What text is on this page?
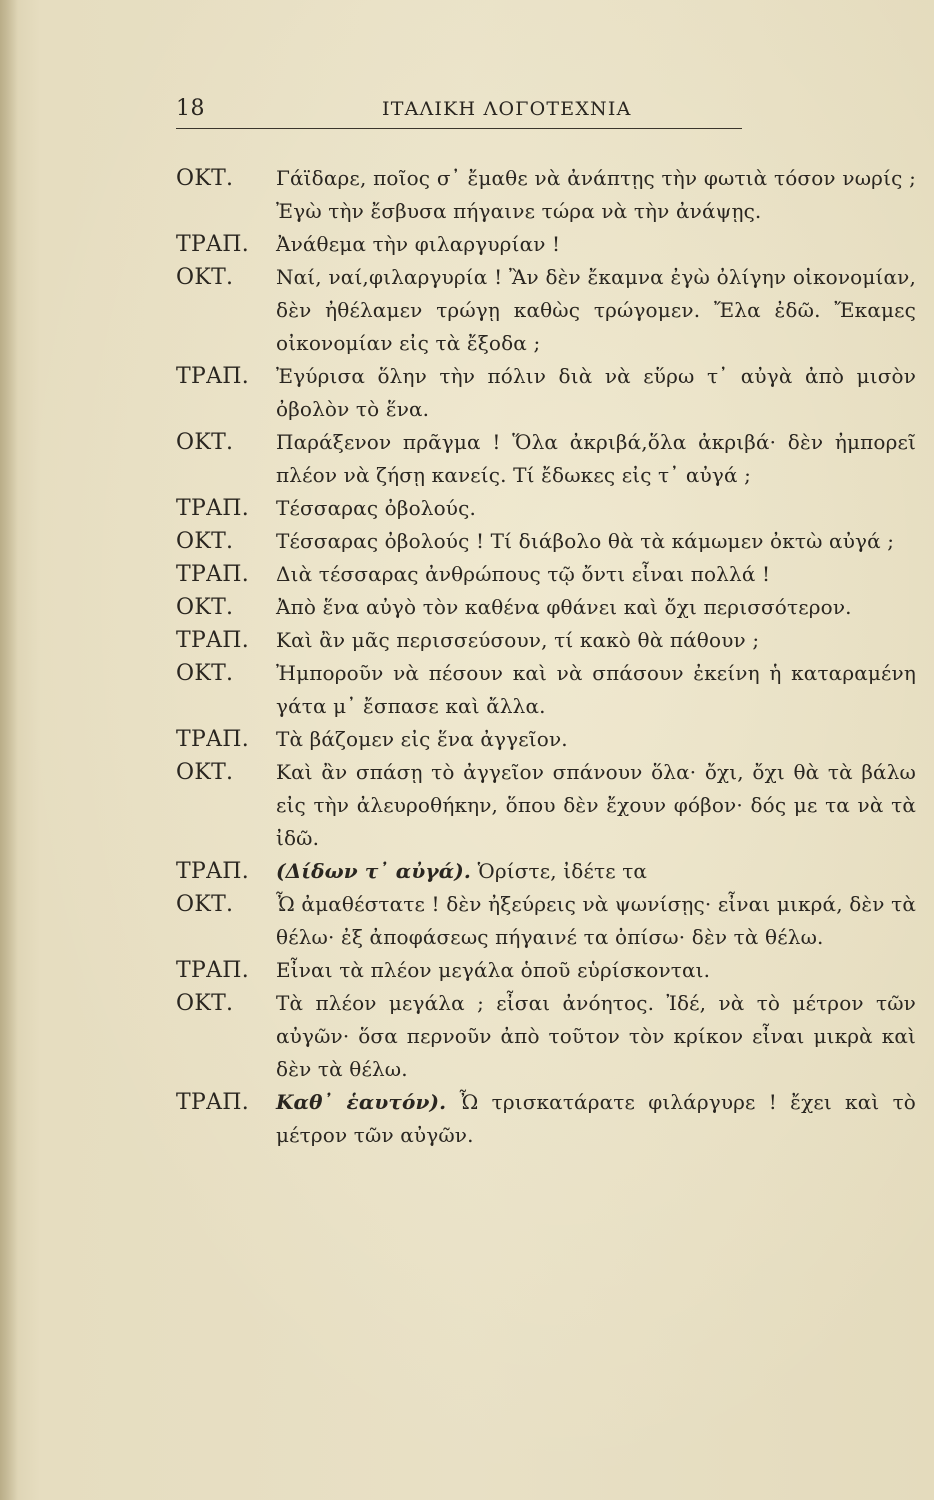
18	ΙΤΑΛΙΚΗ ΛΟΓΟΤΕΧΝΙΑ
ΟΚΤ.	Γάϊδαρε, ποῖος σ᾽ ἔμαθε νὰ ἀνάπτῃς τὴν φωτιὰ τόσον νωρίς ; Ἐγὼ τὴν ἔσβυσα πήγαινε τώρα νὰ τὴν ἀνάψῃς.
ΤΡΑΠ.	Ἀνάθεμα τὴν φιλαργυρίαν !
ΟΚΤ.	Ναί, ναί,φιλαργυρία ! Ἂν δὲν ἔκαμνα ἐγὼ ὀλίγην οἰκονομίαν, δὲν ἠθέλαμεν τρώγῃ καθὼς τρώγομεν. Ἔλα ἐδῶ. Ἔκαμες οἰκονομίαν εἰς τὰ ἔξοδα ;
ΤΡΑΠ.	Ἐγύρισα ὅλην τὴν πόλιν διὰ νὰ εὕρω τ᾽ αὐγὰ ἀπὸ μισὸν ὀβολὸν τὸ ἕνα.
ΟΚΤ.	Παράξενον πρᾶγμα ! Ὅλα ἀκριβά,ὅλα ἀκριβά· δὲν ἠμπορεῖ πλέον νὰ ζήσῃ κανείς. Τί ἔδωκες εἰς τ᾽ αὐγά ;
ΤΡΑΠ.	Τέσσαρας ὀβολούς.
ΟΚΤ.	Τέσσαρας ὀβολούς ! Τί διάβολο θὰ τὰ κάμωμεν ὀκτὼ αὐγά ;
ΤΡΑΠ.	Διὰ τέσσαρας ἀνθρώπους τῷ ὄντι εἶναι πολλά !
ΟΚΤ.	Ἀπὸ ἕνα αὐγὸ τὸν καθένα φθάνει καὶ ὄχι περισσότερον.
ΤΡΑΠ.	Καὶ ἂν μᾶς περισσεύσουν, τί κακὸ θὰ πάθουν ;
ΟΚΤ.	Ἠμποροῦν νὰ πέσουν καὶ νὰ σπάσουν ἐκείνη ἡ καταραμένη γάτα μ᾽ ἔσπασε καὶ ἄλλα.
ΤΡΑΠ.	Τὰ βάζομεν εἰς ἕνα ἀγγεῖον.
ΟΚΤ.	Καὶ ἂν σπάσῃ τὸ ἀγγεῖον σπάνουν ὅλα· ὄχι, ὄχι θὰ τὰ βάλω εἰς τὴν ἀλευροθήκην, ὅπου δὲν ἔχουν φόβον· δός με τα νὰ τὰ ἰδῶ.
ΤΡΑΠ.	(Δίδων τ᾽ αὐγά). Ὁρίστε, ἰδέτε τα
ΟΚΤ.	Ὦ ἀμαθέστατε ! δὲν ἠξεύρεις νὰ ψωνίσῃς· εἶναι μικρά, δὲν τὰ θέλω· ἐξ ἀποφάσεως πήγαινέ τα ὀπίσω· δὲν τὰ θέλω.
ΤΡΑΠ.	Εἶναι τὰ πλέον μεγάλα ὁποῦ εὑρίσκονται.
ΟΚΤ.	Τὰ πλέον μεγάλα ; εἶσαι ἀνόητος. Ἰδέ, νὰ τὸ μέτρον τῶν αὐγῶν· ὅσα περνοῦν ἀπὸ τοῦτον τὸν κρίκον εἶναι μικρὰ καὶ δὲν τὰ θέλω.
ΤΡΑΠ.	Καθ᾽ ἑαυτόν). Ὦ τρισκατάρατε φιλάργυρε ! ἔχει καὶ τὸ μέτρον τῶν αὐγῶν.
